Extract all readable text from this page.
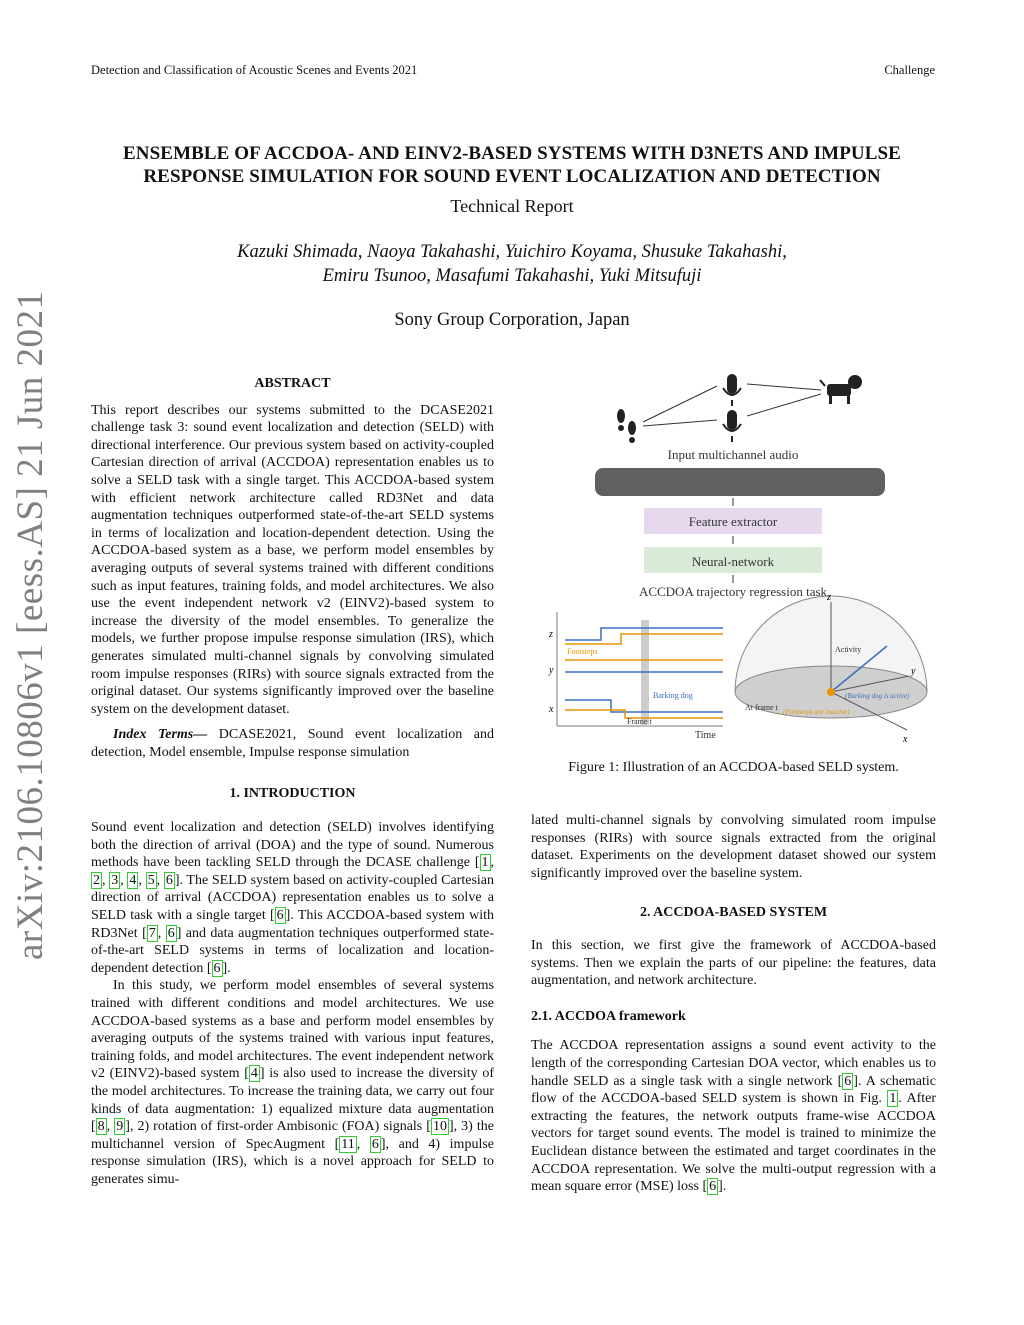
Detection and Classification of Acoustic Scenes and Events 2021	Challenge
ENSEMBLE OF ACCDOA- AND EINV2-BASED SYSTEMS WITH D3NETS AND IMPULSE
RESPONSE SIMULATION FOR SOUND EVENT LOCALIZATION AND DETECTION
Technical Report
Kazuki Shimada, Naoya Takahashi, Yuichiro Koyama, Shusuke Takahashi,
Emiru Tsunoo, Masafumi Takahashi, Yuki Mitsufuji
Sony Group Corporation, Japan
arXiv:2106.10806v1 [eess.AS] 21 Jun 2021	ABSTRACT

This report describes our systems submitted to the DCASE2021 challenge task 3: sound event localization and detection (SELD) with directional interference. Our previous system based on activity-coupled Cartesian direction of arrival (ACCDOA) representation enables us to solve a SELD task with a single target. This ACCDOA-based system with efficient network architecture called RD3Net and data augmentation techniques outperformed state-of-the-art SELD systems in terms of localization and location-dependent detection. Using the ACCDOA-based system as a base, we perform model ensembles by averaging outputs of several systems trained with different conditions such as input features, training folds, and model architectures. We also use the event independent network v2 (EINV2)-based system to increase the diversity of the model ensembles. To generalize the models, we further propose impulse response simulation (IRS), which generates simulated multi-channel signals by convolving simulated room impulse responses (RIRs) with source signals extracted from the original dataset. Our systems significantly improved over the baseline system on the development dataset.

Index Terms— DCASE2021, Sound event localization and detection, Model ensemble, Impulse response simulation

1. INTRODUCTION

Sound event localization and detection (SELD) involves identifying both the direction of arrival (DOA) and the type of sound. Numerous methods have been tackling SELD through the DCASE challenge [ 1 , 2 , 3 , 4 , 5 , 6 ]. The SELD system based on activity-coupled Cartesian direction of arrival (ACCDOA) representation enables us to solve a SELD task with a single target [ 6 ]. This ACCDOA-based system with RD3Net [ 7 , 6 ] and data augmentation techniques outperformed state-of-the-art SELD systems in terms of localization and location-dependent detection [ 6 ].

In this study, we perform model ensembles of several systems trained with different conditions and model architectures. We use ACCDOA-based systems as a base and perform model ensembles by averaging outputs of the systems trained with various input features, training folds, and model architectures. The event independent network v2 (EINV2)-based system [ 4 ] is also used to increase the diversity of the model architectures. To increase the training data, we carry out four kinds of data augmentation: 1) equalized mixture data augmentation [ 8 , 9 ], 2) rotation of first-order Ambisonic (FOA) signals [ 10 ], 3) the multichannel version of SpecAugment [ 11 , 6 ], and 4) impulse response simulation (IRS), which is a novel approach for SELD to generates simu-

Input multichannel audio
Feature extractor
Neural-network
ACCDOA trajectory regression task
z
y
x
Footsteps
Barking dog
Frame t
Time
z
y
x
Activity
At frame t
(Barking dog is active)
(Footsteps are inactive)
Figure 1: Illustration of an ACCDOA-based SELD system.

lated multi-channel signals by convolving simulated room impulse responses (RIRs) with source signals extracted from the original dataset. Experiments on the development dataset showed our system significantly improved over the baseline system.

2. ACCDOA-BASED SYSTEM

In this section, we first give the framework of ACCDOA-based systems. Then we explain the parts of our pipeline: the features, data augmentation, and network architecture.

2.1. ACCDOA framework

The ACCDOA representation assigns a sound event activity to the length of the corresponding Cartesian DOA vector, which enables us to handle SELD as a single task with a single network [ 6 ]. A schematic flow of the ACCDOA-based SELD system is shown in Fig. 1 . After extracting the features, the network outputs frame-wise ACCDOA vectors for target sound events. The model is trained to minimize the Euclidean distance between the estimated and target coordinates in the ACCDOA representation. We solve the multi-output regression with a mean square error (MSE) loss [ 6 ].
